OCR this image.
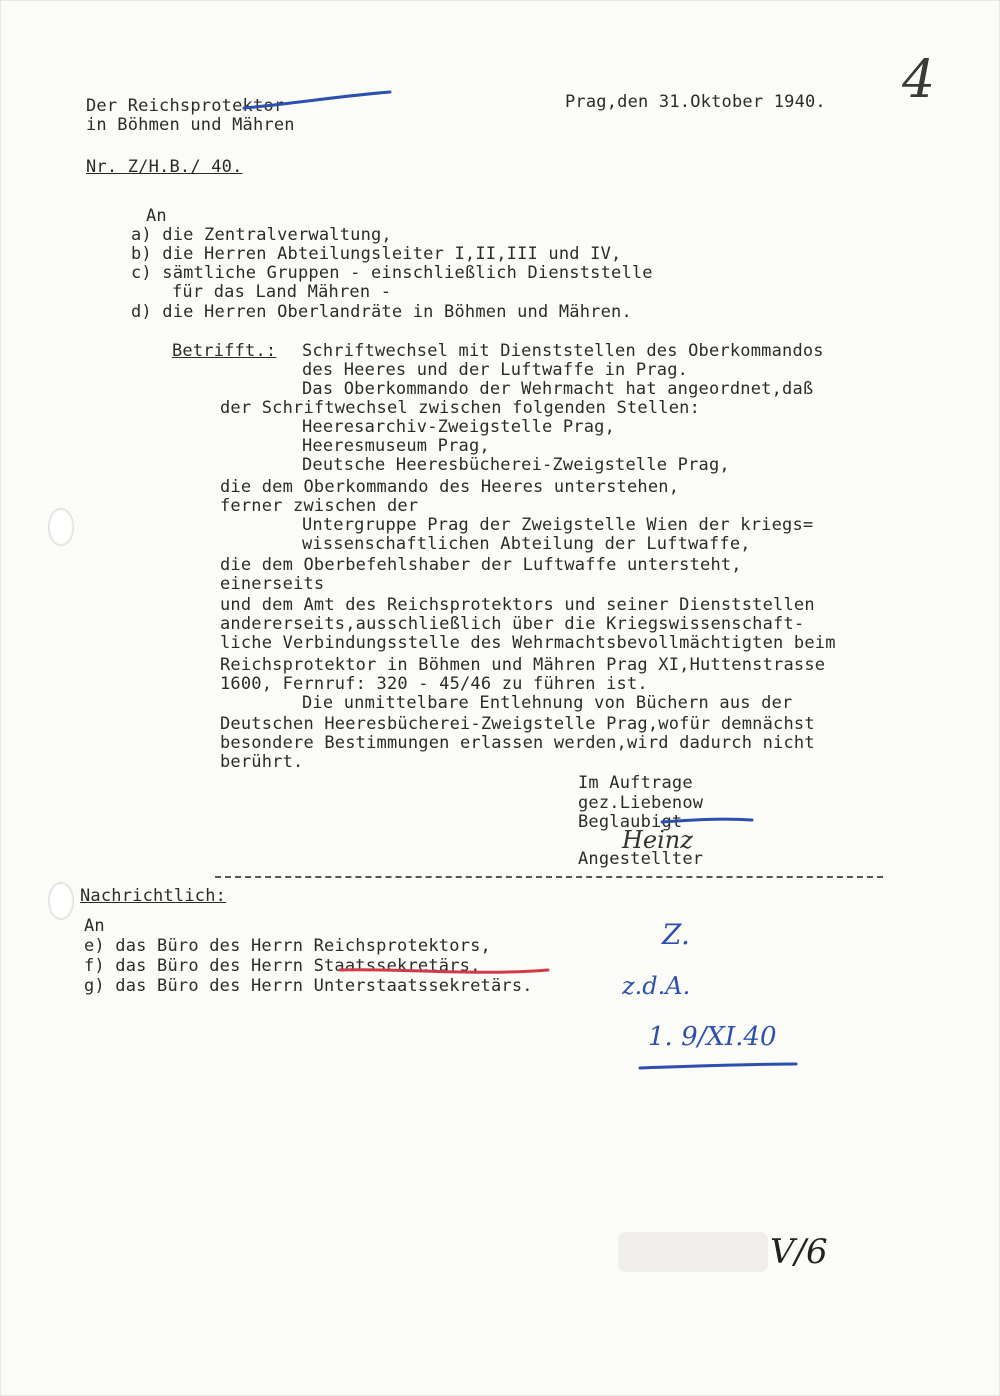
Der Reichsprotektor
in Böhmen und Mähren
Prag,den 31.Oktober 1940. 4
Nr. Z/H.B./ 40.
An
a) die Zentralverwaltung,
b) die Herren Abteilungsleiter I,II,III und IV,
c) sämtliche Gruppen - einschließlich Dienststelle
für das Land Mähren -
d) die Herren Oberlandräte in Böhmen und Mähren.
Betrifft.: Schriftwechsel mit Dienststellen des Oberkommandos
des Heeres und der Luftwaffe in Prag.
Das Oberkommando der Wehrmacht hat angeordnet,daß
der Schriftwechsel zwischen folgenden Stellen:
Heeresarchiv-Zweigstelle Prag,
Heeresmuseum Prag,
Deutsche Heeresbücherei-Zweigstelle Prag,
die dem Oberkommando des Heeres unterstehen,
ferner zwischen der
Untergruppe Prag der Zweigstelle Wien der kriegs=
wissenschaftlichen Abteilung der Luftwaffe,
die dem Oberbefehlshaber der Luftwaffe untersteht,
einerseits
und dem Amt des Reichsprotektors und seiner Dienststellen
andererseits,ausschließlich über die Kriegswissenschaft-
liche Verbindungsstelle des Wehrmachtsbevollmächtigten beim
Reichsprotektor in Böhmen und Mähren Prag XI,Huttenstrasse
1600, Fernruf: 320 - 45/46 zu führen ist.
Die unmittelbare Entlehnung von Büchern aus der
Deutschen Heeresbücherei-Zweigstelle Prag,wofür demnächst
besondere Bestimmungen erlassen werden,wird dadurch nicht
berührt.
Im Auftrage
gez.Liebenow
Beglaubigt
Heinz
Angestellter
Nachrichtlich:
An
e) das Büro des Herrn Reichsprotektors,
f) das Büro des Herrn Staatssekretärs,
g) das Büro des Herrn Unterstaatssekretärs.
Z.
z.d.A.
1. 9/XI.40
V/6
